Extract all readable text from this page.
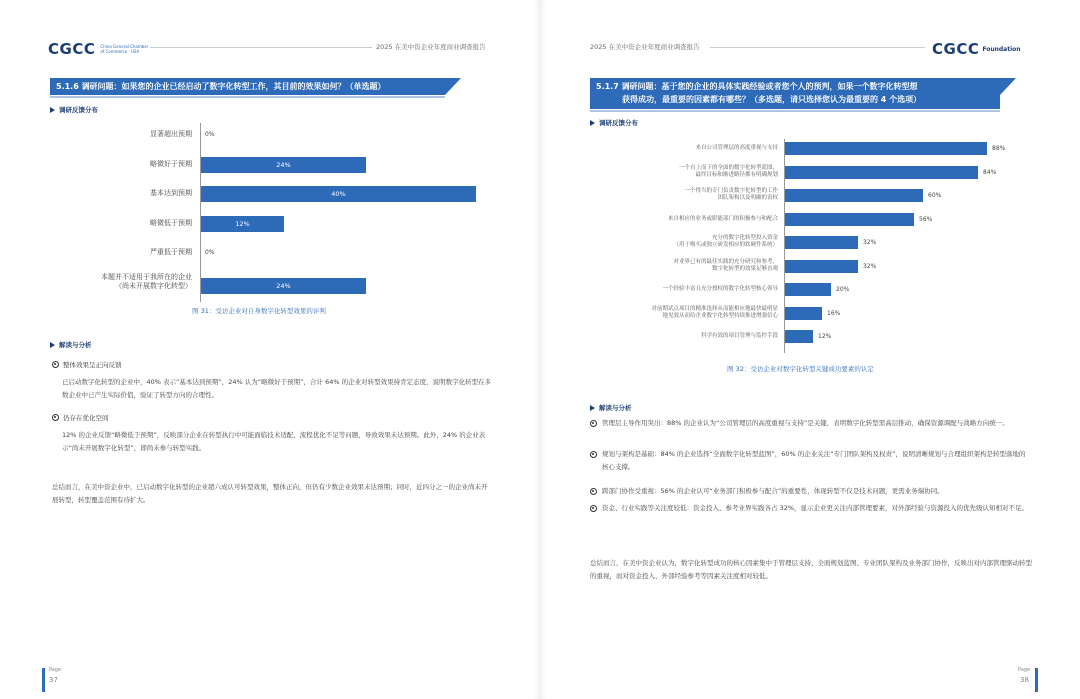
CGCC China General Chamber of Commerce · USA
2025 在美中资企业年度商业调查报告
5.1.6 调研问题：如果您的企业已经启动了数字化转型工作，其目前的效果如何？（单选题）
调研反馈分布
显著超出预期 0%
略微好于预期	24%
基本达到预期	40%
略微低于预期	12%
严重低于预期 0%
本题并不适用于我所在的企业
（尚未开展数字化转型）	24%
图 31：受访企业对自身数字化转型效果的评判
解读与分析
整体效果呈正向反馈
已启动数字化转型的企业中，40% 表示“基本达到预期”，24% 认为“略微好于预期”，合计 64% 的企业对转型效果持肯定态度，说明数字化转型在多数企业中已产生实际价值，验证了转型方向的合理性。
仍存在优化空间
12% 的企业反馈“略微低于预期”，反映部分企业在转型执行中可能面临技术适配、流程优化不足等问题，导致效果未达预期。此外，24% 的企业表示“尚未开展数字化转型”，即尚未参与转型实践。
总结而言，在美中资企业中，已启动数字化转型的企业超六成认可转型效果，整体正向，但仍有少数企业效果未达预期；同时，近四分之一的企业尚未开展转型，转型覆盖范围有待扩大。
Page
37
2025 在美中资企业年度商业调查报告	CGCC Foundation
5.1.7 调研问题：基于您的企业的具体实践经验或者您个人的预判，如果一个数字化转型想
获得成功，最重要的因素都有哪些？（多选题，请只选择您认为最重要的 4 个选项）
调研反馈分布
来自公司管理层的高度重视与支持	88%
一个自上而下的全面的数字化转型蓝图，
最终目标和渐进路径都有明确规划	84%
一个得当的专门负责数字化转型的工作
团队架构以及明确的责权	60%
来自相应的业务或职能部门的积极参与和配合	56%
充分的数字化转型投入资金
（用于购买或独立研发相应的软硬件系统）	32%
对业界已有的最佳实践的充分研究和参考，
数字化转型的效果足够直观	32%
一个经验丰富且充分授权的数字化转型核心领导	20%
对前期试点项目的精准选择从而能相应地最快最明显
地见效从而给企业数字化转型持续推进增强信心	16%
科学有效的项目管理与监控手段	12%
图 32：受访企业对数字化转型关键成功要素的认定
解读与分析
管理层主导作用突出：88% 的企业认为“公司管理层的高度重视与支持”是关键，表明数字化转型需高层推动，确保资源调配与战略方向统一。
规划与架构是基础：84% 的企业选择“全面数字化转型蓝图”，60% 的企业关注“专门团队架构及权责”，说明清晰规划与合理组织架构是转型落地的核心支撑。
跨部门协作受重视：56% 的企业认可“业务部门积极参与配合”的重要性，体现转型不仅是技术问题，更需业务端协同。
资金、行业实践等关注度较低：资金投入、参考业界实践各占 32%，显示企业更关注内部管理要素，对外部经验与资源投入的优先级认知相对不足。
总结而言，在美中资企业认为，数字化转型成功的核心因素集中于管理层支持、全面规划蓝图、专业团队架构及业务部门协作，反映出对内部管理驱动转型的重视，而对资金投入、外部经验参考等因素关注度相对较低。
Page
38
